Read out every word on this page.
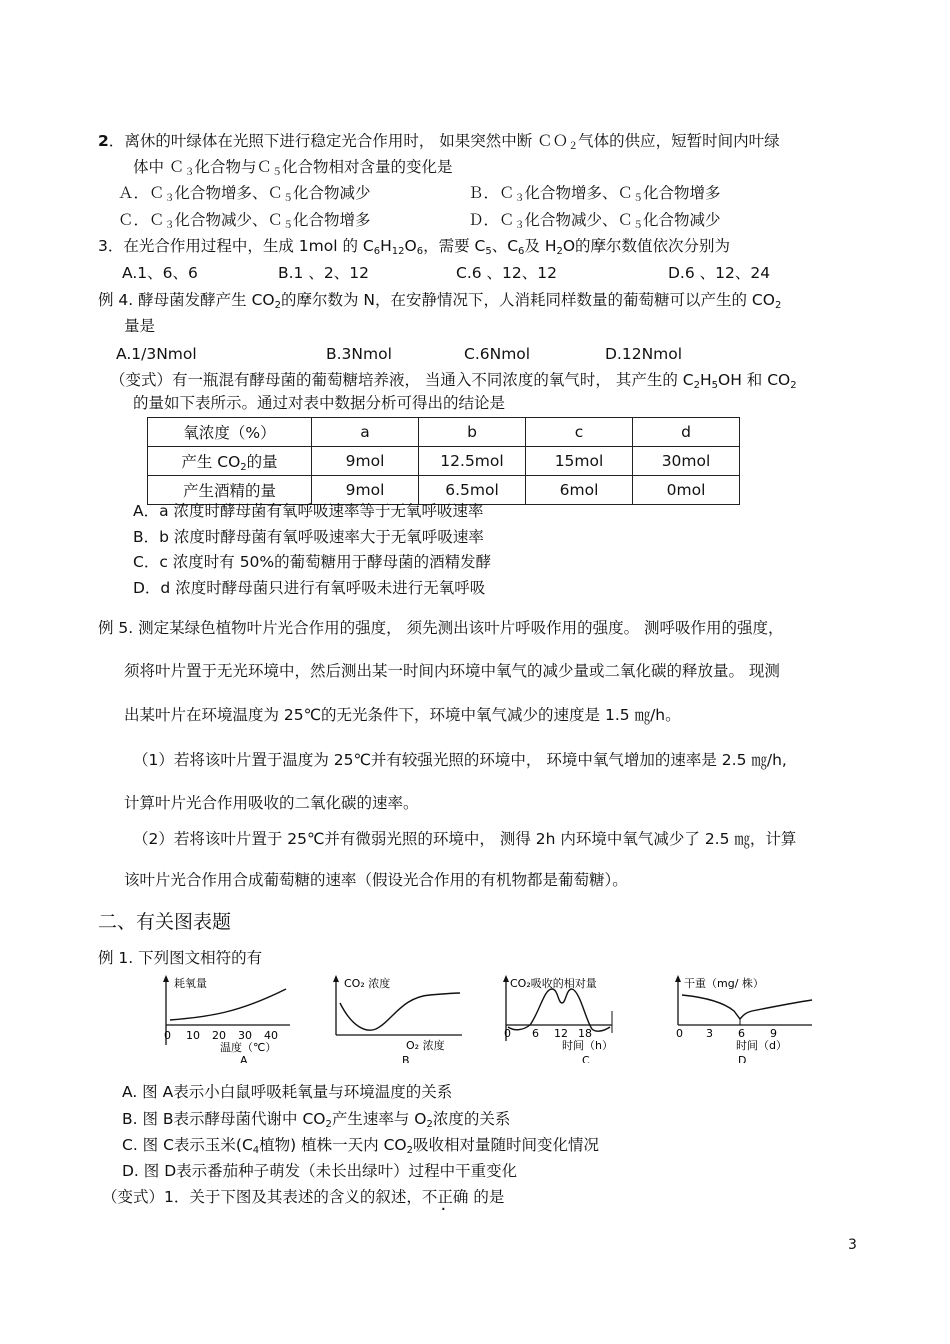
2．离休的叶绿体在光照下进行稳定光合作用时， 如果突然中断 ＣＯ$_2$气体的供应，短暂时间内叶绿
体中 Ｃ$_3$化合物与Ｃ$_5$化合物相对含量的变化是
Ａ．Ｃ$_3$化合物增多、Ｃ$_5$化合物减少	Ｂ．Ｃ$_3$化合物增多、Ｃ$_5$化合物增多
Ｃ．Ｃ$_3$化合物减少、Ｃ$_5$化合物增多	Ｄ．Ｃ$_3$化合物减少、Ｃ$_5$化合物减少
3．在光合作用过程中，生成 1mol 的 $C_6H_{12}O_6$，需要 $C_5$、$C_6$及 $H_2O$的摩尔数值依次分别为
A.1、6、6	B.1 、2、12	C.6 、12、12	D.6 、12、24
例 4. 酵母菌发酵产生 $CO_2$的摩尔数为 N，在安静情况下，人消耗同样数量的葡萄糖可以产生的 $CO_2$
量是
A.1/3Nmol	B.3Nmol	C.6Nmol	D.12Nmol
（变式）有一瓶混有酵母菌的葡萄糖培养液， 当通入不同浓度的氧气时， 其产生的 $C_2H_5OH$ 和 $CO_2$
的量如下表所示。通过对表中数据分析可得出的结论是
氧浓度（%）	a	b	c	d
产生 $CO_2$的量	9mol	12.5mol	15mol	30mol
产生酒精的量	9mol	6.5mol	6mol	0mol
A．a 浓度时酵母菌有氧呼吸速率等于无氧呼吸速率
B．b 浓度时酵母菌有氧呼吸速率大于无氧呼吸速率
C．c 浓度时有 50%的葡萄糖用于酵母菌的酒精发酵
D．d 浓度时酵母菌只进行有氧呼吸未进行无氧呼吸
例 5. 测定某绿色植物叶片光合作用的强度， 须先测出该叶片呼吸作用的强度。 测呼吸作用的强度，
须将叶片置于无光环境中，然后测出某一时间内环境中氧气的减少量或二氧化碳的释放量。 现测
出某叶片在环境温度为 25℃的无光条件下，环境中氧气减少的速度是 1.5 ㎎/h。
（1）若将该叶片置于温度为 25℃并有较强光照的环境中， 环境中氧气增加的速率是 2.5 ㎎/h,
计算叶片光合作用吸收的二氧化碳的速率。
（2）若将该叶片置于 25℃并有微弱光照的环境中， 测得 2h 内环境中氧气减少了 2.5 ㎎，计算
该叶片光合作用合成葡萄糖的速率（假设光合作用的有机物都是葡萄糖）。
二、有关图表题
例 1. 下列图文相符的有
耗氧量
0 10 20 30 40
温度（℃）
A
CO₂ 浓度
O₂ 浓度
B
CO₂吸收的相对量
0 6 12 18
时间（h）
C
干重（mg/ 株）
0 3 6 9
时间（d）
D
A. 图 A表示小白鼠呼吸耗氧量与环境温度的关系
B. 图 B表示酵母菌代谢中 $CO_2$产生速率与 $O_2$浓度的关系
C. 图 C表示玉米($C_4$植物) 植株一天内 $CO_2$吸收相对量随时间变化情况
D. 图 D表示番茄种子萌发（未长出绿叶）过程中干重变化
（变式）1．关于下图及其表述的含义的叙述，不正确 的是
3
